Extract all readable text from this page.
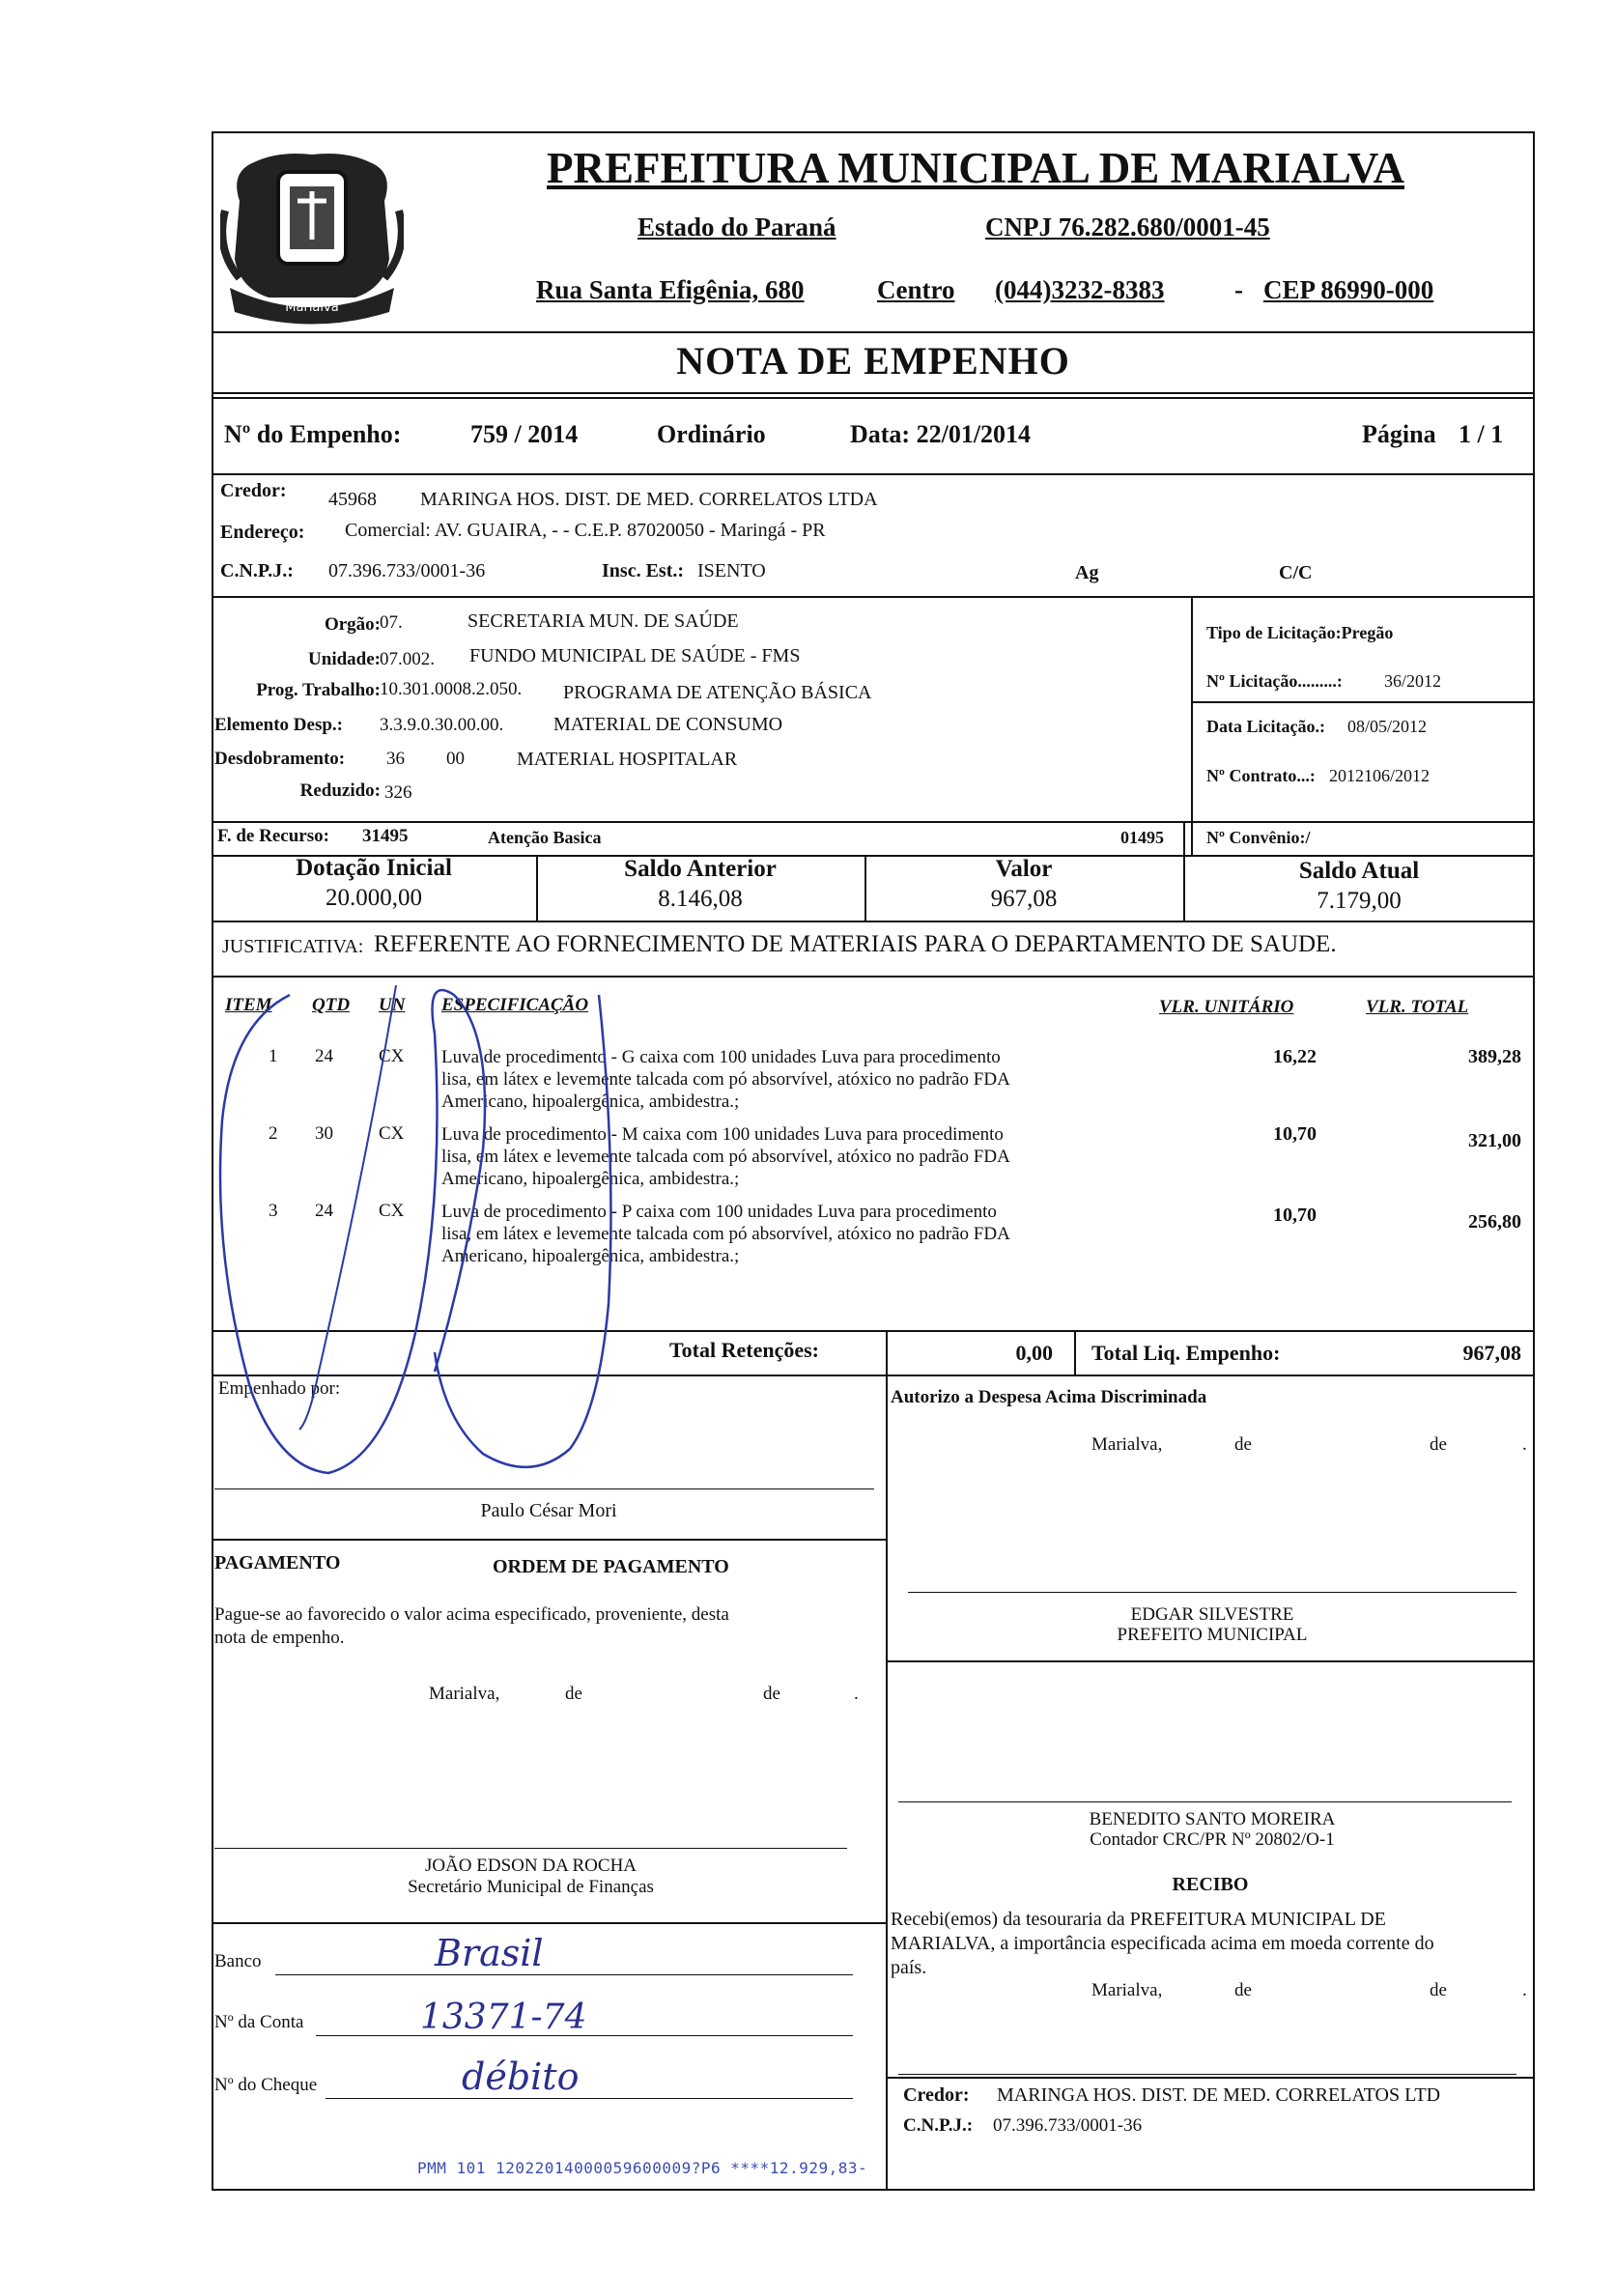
Marialva
PREFEITURA MUNICIPAL DE MARIALVA
Estado do Paraná	CNPJ 76.282.680/0001-45
Rua Santa Efigênia, 680	Centro (044)3232-8383	- CEP 86990-000
NOTA DE EMPENHO
Nº do Empenho:	759 / 2014	Ordinário	Data: 22/01/2014	Página 1 / 1
Credor: 45968 MARINGA HOS. DIST. DE MED. CORRELATOS LTDA
Endereço: Comercial: AV. GUAIRA, - - C.E.P. 87020050 - Maringá - PR
C.N.P.J.: 07.396.733/0001-36	Insc. Est.: ISENTO	Ag	C/C
Orgão: 07.	SECRETARIA MUN. DE SAÚDE
Unidade: 07.002. FUNDO MUNICIPAL DE SAÚDE - FMS
Prog. Trabalho: 10.301.0008.2.050. PROGRAMA DE ATENÇÃO BÁSICA
Elemento Desp.: 3.3.9.0.30.00.00.	MATERIAL DE CONSUMO
Desdobramento: 36 00	MATERIAL HOSPITALAR
Reduzido: 326
F. de Recurso: 31495	Atenção Basica	01495
Tipo de Licitação:Pregão
Nº Licitação.........: 36/2012
Data Licitação.: 08/05/2012
Nº Contrato...: 2012106/2012
Nº Convênio:/
Dotação Inicial
20.000,00
Saldo Anterior
8.146,08
Valor
967,08
Saldo Atual
7.179,00
JUSTIFICATIVA: REFERENTE AO FORNECIMENTO DE MATERIAIS PARA O DEPARTAMENTO DE SAUDE.
ITEM QTD UN ESPECIFICAÇÃO	VLR. UNITÁRIO	VLR. TOTAL
1 24 CX Luva de procedimento - G caixa com 100 unidades Luva para procedimento
lisa, em látex e levemente talcada com pó absorvível, atóxico no padrão FDA
Americano, hipoalergênica, ambidestra.;
16,22	389,28
2 30 CX Luva de procedimento - M caixa com 100 unidades Luva para procedimento
lisa, em látex e levemente talcada com pó absorvível, atóxico no padrão FDA
Americano, hipoalergênica, ambidestra.;
10,70	321,00
3 24 CX Luva de procedimento - P caixa com 100 unidades Luva para procedimento
lisa, em látex e levemente talcada com pó absorvível, atóxico no padrão FDA
Americano, hipoalergênica, ambidestra.;
10,70	256,80
Total Retenções:	0,00 Total Liq. Empenho:	967,08
Empenhado por:
Paulo César Mori
Autorizo a Despesa Acima Discriminada
Marialva,	de	de	.
PAGAMENTO	ORDEM DE PAGAMENTO
Pague-se ao favorecido o valor acima especificado, proveniente, desta
nota de empenho.
Marialva,	de	de	.
JOÃO EDSON DA ROCHA
Secretário Municipal de Finanças
EDGAR SILVESTRE
PREFEITO MUNICIPAL
BENEDITO SANTO MOREIRA
Contador CRC/PR Nº 20802/O-1
RECIBO
Recebi(emos) da tesouraria da PREFEITURA MUNICIPAL DE
MARIALVA, a importância especificada acima em moeda corrente do
país.
Marialva,	de	de	.
Credor: MARINGA HOS. DIST. DE MED. CORRELATOS LTD
C.N.P.J.: 07.396.733/0001-36
Banco	Brasil
Nº da Conta	13371-74
Nº do Cheque	débito
PMM 101 12022014000059600009?P6 ****12.929,83-
